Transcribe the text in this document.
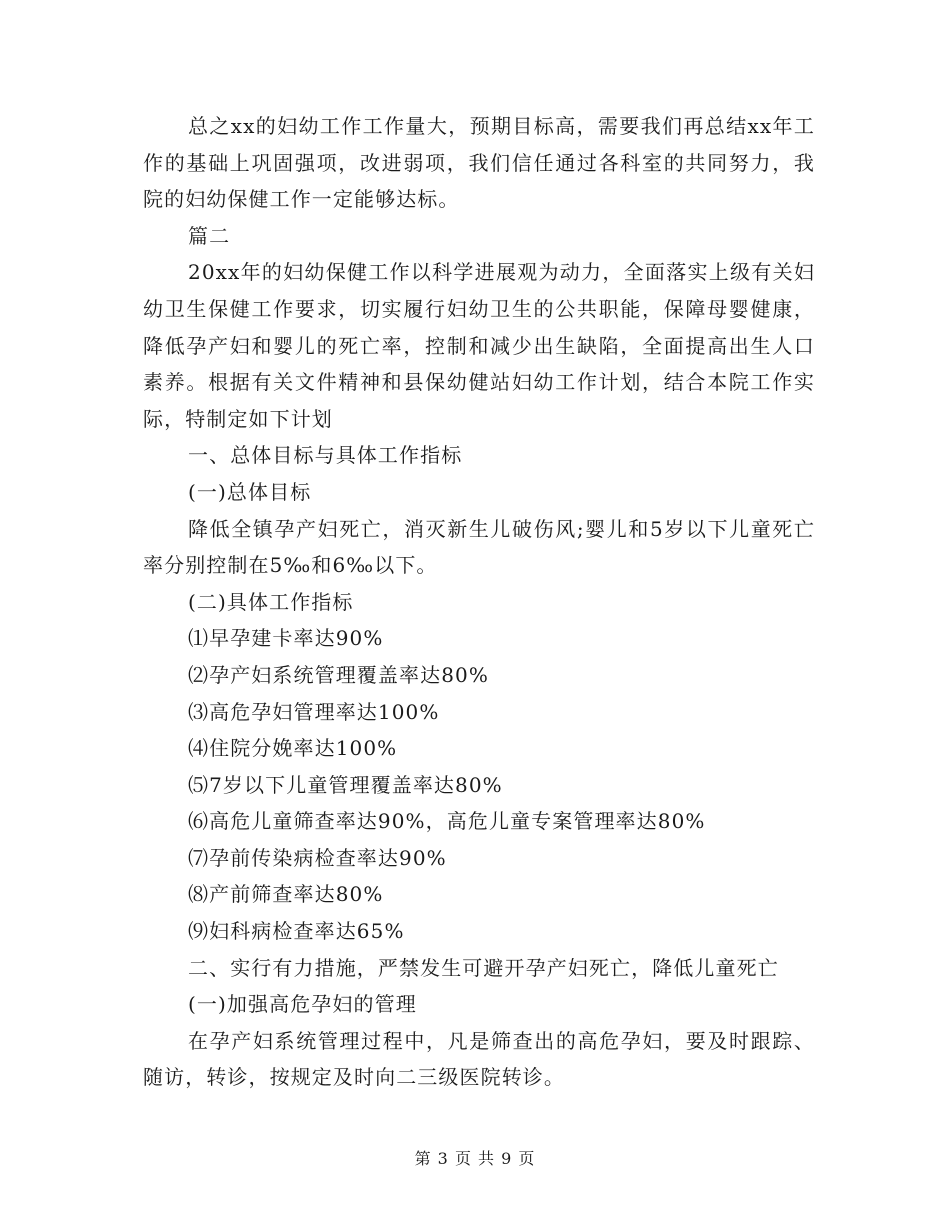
总之xx的妇幼工作工作量大，预期目标高，需要我们再总结xx年工作的基础上巩固强项，改进弱项，我们信任通过各科室的共同努力，我院的妇幼保健工作一定能够达标。

篇二

20xx年的妇幼保健工作以科学进展观为动力，全面落实上级有关妇幼卫生保健工作要求，切实履行妇幼卫生的公共职能，保障母婴健康，降低孕产妇和婴儿的死亡率，控制和减少出生缺陷，全面提高出生人口素养。根据有关文件精神和县保幼健站妇幼工作计划，结合本院工作实际，特制定如下计划

一、总体目标与具体工作指标

(一)总体目标

降低全镇孕产妇死亡，消灭新生儿破伤风;婴儿和5岁以下儿童死亡率分别控制在5‰和6‰以下。

(二)具体工作指标

⑴早孕建卡率达90%

⑵孕产妇系统管理覆盖率达80%

⑶高危孕妇管理率达100%

⑷住院分娩率达100%

⑸7岁以下儿童管理覆盖率达80%

⑹高危儿童筛查率达90%，高危儿童专案管理率达80%

⑺孕前传染病检查率达90%

⑻产前筛查率达80%

⑼妇科病检查率达65%

二、实行有力措施，严禁发生可避开孕产妇死亡，降低儿童死亡

(一)加强高危孕妇的管理

在孕产妇系统管理过程中，凡是筛查出的高危孕妇，要及时跟踪、随访，转诊，按规定及时向二三级医院转诊。

第 3 页 共 9 页
